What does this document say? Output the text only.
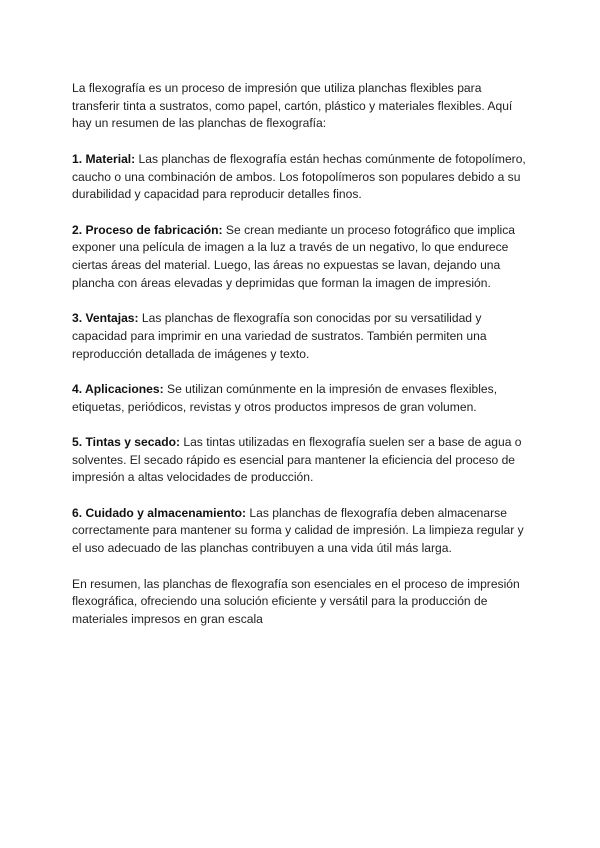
La flexografía es un proceso de impresión que utiliza planchas flexibles para transferir tinta a sustratos, como papel, cartón, plástico y materiales flexibles. Aquí hay un resumen de las planchas de flexografía:

1. Material: Las planchas de flexografía están hechas comúnmente de fotopolímero, caucho o una combinación de ambos. Los fotopolímeros son populares debido a su durabilidad y capacidad para reproducir detalles finos.

2. Proceso de fabricación: Se crean mediante un proceso fotográfico que implica exponer una película de imagen a la luz a través de un negativo, lo que endurece ciertas áreas del material. Luego, las áreas no expuestas se lavan, dejando una plancha con áreas elevadas y deprimidas que forman la imagen de impresión.

3. Ventajas: Las planchas de flexografía son conocidas por su versatilidad y capacidad para imprimir en una variedad de sustratos. También permiten una reproducción detallada de imágenes y texto.

4. Aplicaciones: Se utilizan comúnmente en la impresión de envases flexibles, etiquetas, periódicos, revistas y otros productos impresos de gran volumen.

5. Tintas y secado: Las tintas utilizadas en flexografía suelen ser a base de agua o solventes. El secado rápido es esencial para mantener la eficiencia del proceso de impresión a altas velocidades de producción.

6. Cuidado y almacenamiento: Las planchas de flexografía deben almacenarse correctamente para mantener su forma y calidad de impresión. La limpieza regular y el uso adecuado de las planchas contribuyen a una vida útil más larga.

En resumen, las planchas de flexografía son esenciales en el proceso de impresión flexográfica, ofreciendo una solución eficiente y versátil para la producción de materiales impresos en gran escala
